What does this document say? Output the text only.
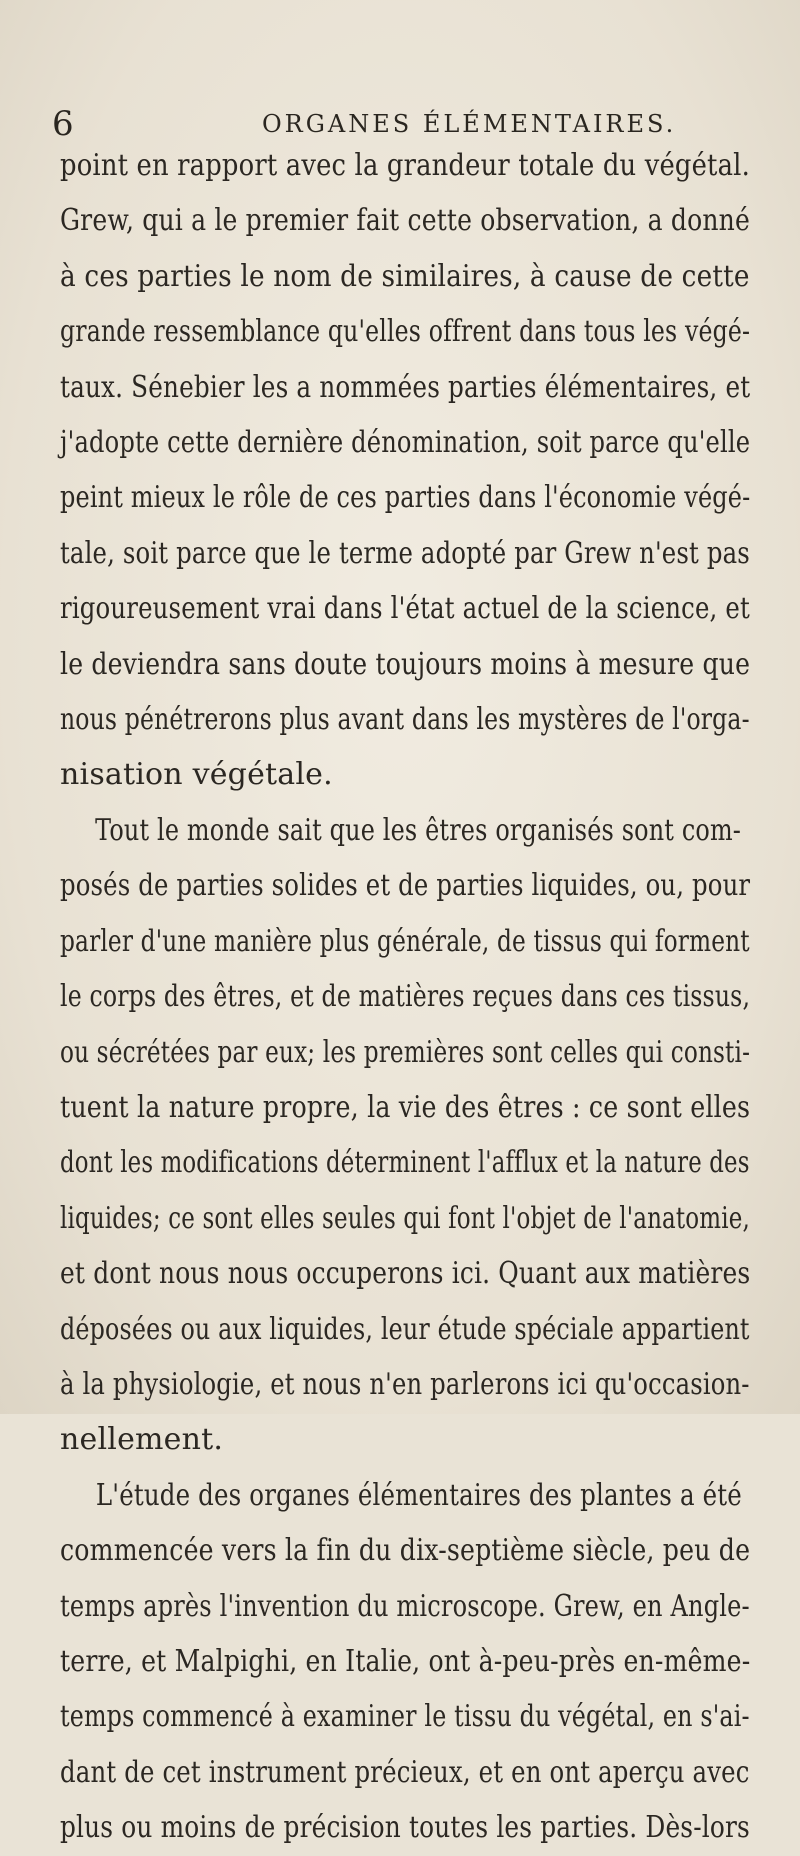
6	ORGANES ÉLÉMENTAIRES.
point en rapport avec la grandeur totale du végétal.
Grew, qui a le premier fait cette observation, a donné
à ces parties le nom de similaires, à cause de cette
grande ressemblance qu'elles offrent dans tous les végé-
taux. Sénebier les a nommées parties élémentaires, et
j'adopte cette dernière dénomination, soit parce qu'elle
peint mieux le rôle de ces parties dans l'économie végé-
tale, soit parce que le terme adopté par Grew n'est pas
rigoureusement vrai dans l'état actuel de la science, et
le deviendra sans doute toujours moins à mesure que
nous pénétrerons plus avant dans les mystères de l'orga-
nisation végétale.
Tout le monde sait que les êtres organisés sont com-
posés de parties solides et de parties liquides, ou, pour
parler d'une manière plus générale, de tissus qui forment
le corps des êtres, et de matières reçues dans ces tissus,
ou sécrétées par eux; les premières sont celles qui consti-
tuent la nature propre, la vie des êtres : ce sont elles
dont les modifications déterminent l'afflux et la nature des
liquides; ce sont elles seules qui font l'objet de l'anatomie,
et dont nous nous occuperons ici. Quant aux matières
déposées ou aux liquides, leur étude spéciale appartient
à la physiologie, et nous n'en parlerons ici qu'occasion-
nellement.
L'étude des organes élémentaires des plantes a été
commencée vers la fin du dix-septième siècle, peu de
temps après l'invention du microscope. Grew, en Angle-
terre, et Malpighi, en Italie, ont à-peu-près en-même-
temps commencé à examiner le tissu du végétal, en s'ai-
dant de cet instrument précieux, et en ont aperçu avec
plus ou moins de précision toutes les parties. Dès-lors
